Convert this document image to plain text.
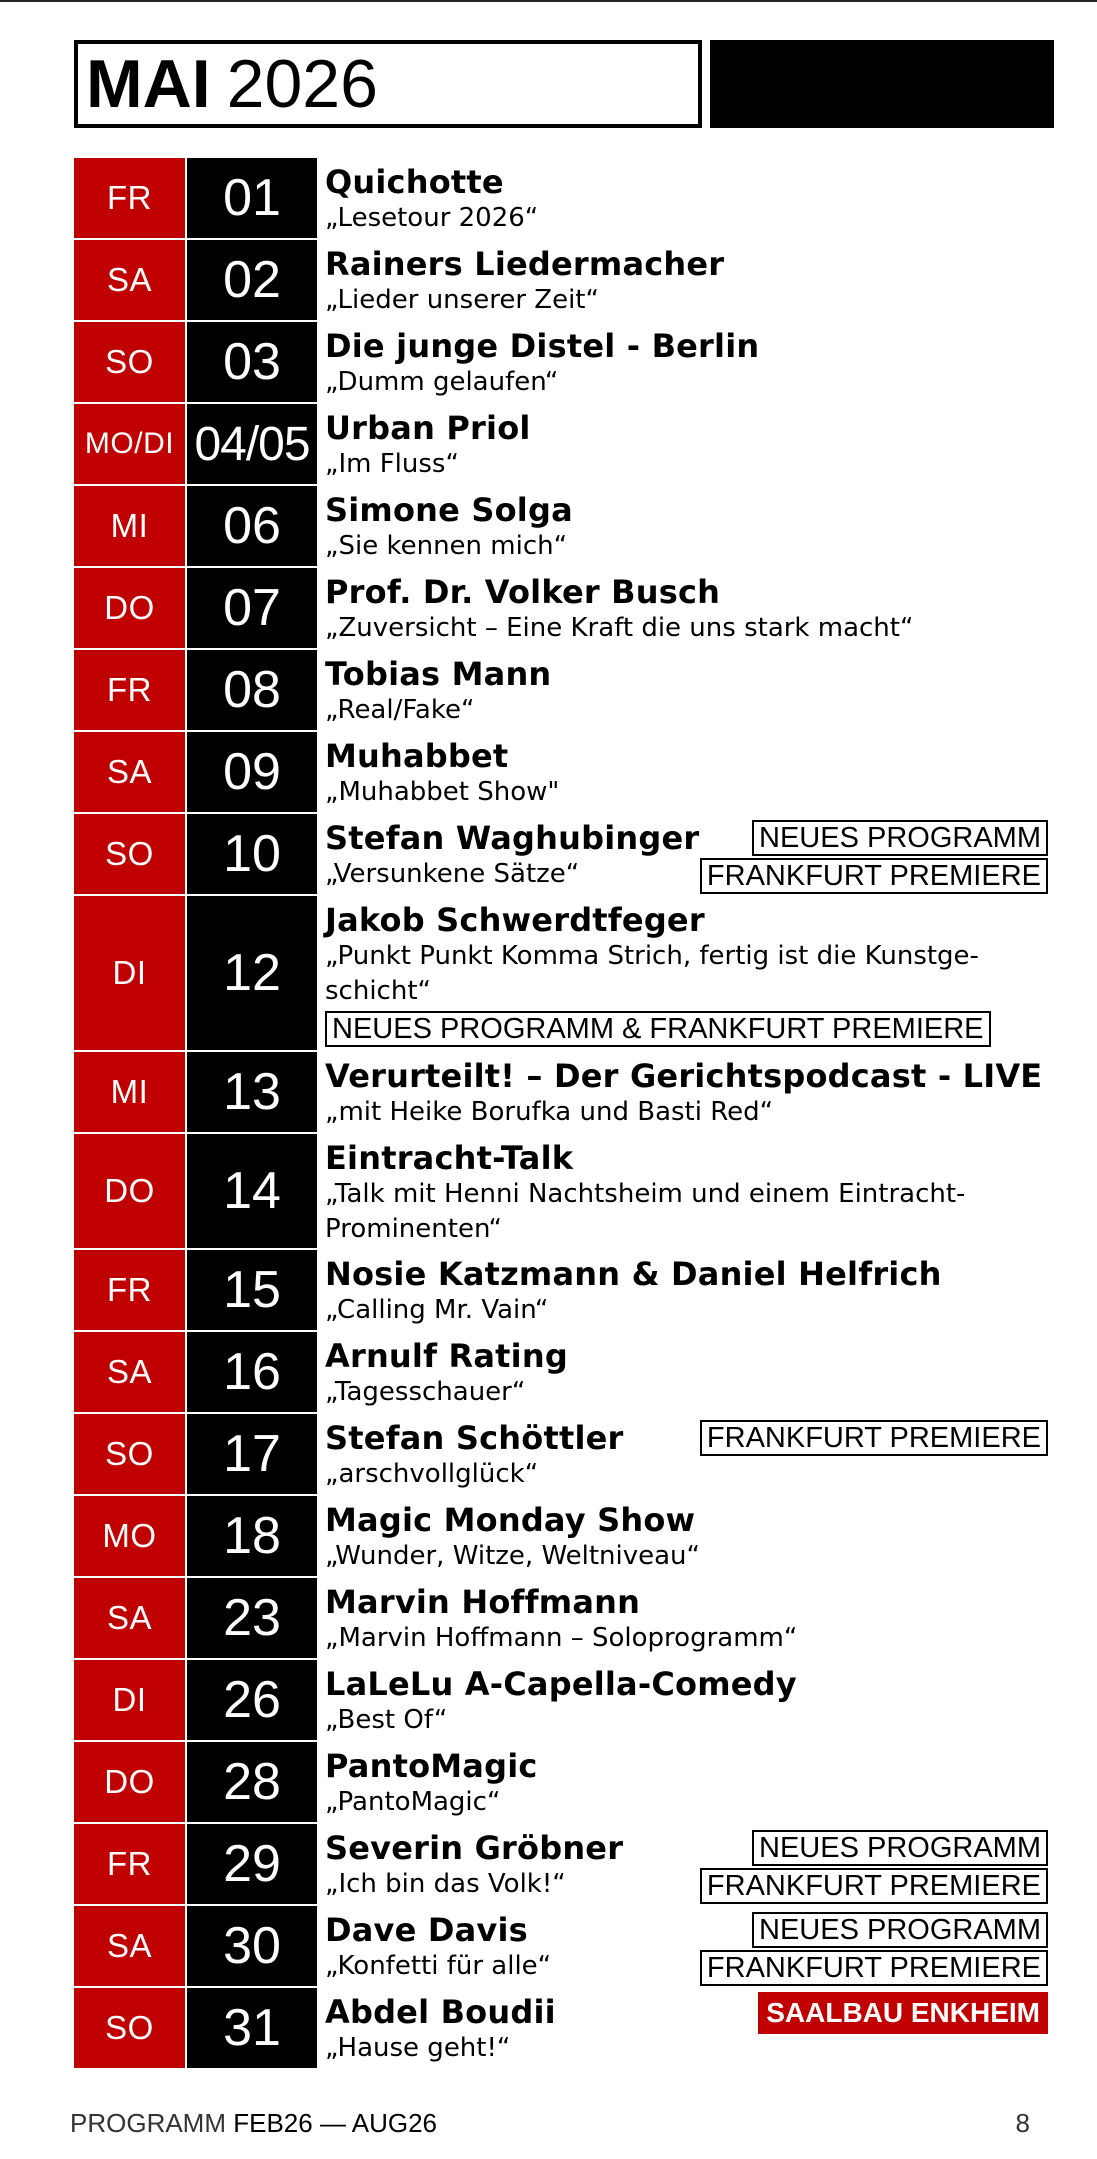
MAI 2026
FR	01	Quichotte
„Lesetour 2026“
SA	02	Rainers Liedermacher
„Lieder unserer Zeit“
SO	03	Die junge Distel - Berlin
„Dumm gelaufen“
MO/DI 04/05 Urban Priol
„Im Fluss“
MI	06	Simone Solga
„Sie kennen mich“
DO	07	Prof. Dr. Volker Busch
„Zuversicht – Eine Kraft die uns stark macht“
FR	08	Tobias Mann
„Real/Fake“
SA	09	Muhabbet
„Muhabbet Show"
SO	10	Stefan Waghubinger
„Versunkene Sätze“
NEUES PROGRAMM
FRANKFURT PREMIERE
DI	12
Jakob Schwerdtfeger
„Punkt Punkt Komma Strich, fertig ist die Kunstge-
schicht“
NEUES PROGRAMM & FRANKFURT PREMIERE
MI	13	Verurteilt! – Der Gerichtspodcast - LIVE
„mit Heike Borufka und Basti Red“
DO	14
Eintracht-Talk
„Talk mit Henni Nachtsheim und einem Eintracht-
Prominenten“
FR	15	Nosie Katzmann & Daniel Helfrich
„Calling Mr. Vain“
SA	16	Arnulf Rating
„Tagesschauer“
SO	17	Stefan Schöttler
„arschvollglück“
FRANKFURT PREMIERE
MO	18	Magic Monday Show
„Wunder, Witze, Weltniveau“
SA	23	Marvin Hoffmann
„Marvin Hoffmann – Soloprogramm“
DI	26	LaLeLu A-Capella-Comedy
„Best Of“
DO	28	PantoMagic
„PantoMagic“
FR	29	Severin Gröbner
„Ich bin das Volk!“
NEUES PROGRAMM
FRANKFURT PREMIERE
SA	30	Dave Davis
„Konfetti für alle“
NEUES PROGRAMM
FRANKFURT PREMIERE
SO	31	Abdel Boudii
„Hause geht!“
SAALBAU ENKHEIM
PROGRAMM FEB26 — AUG26	8
